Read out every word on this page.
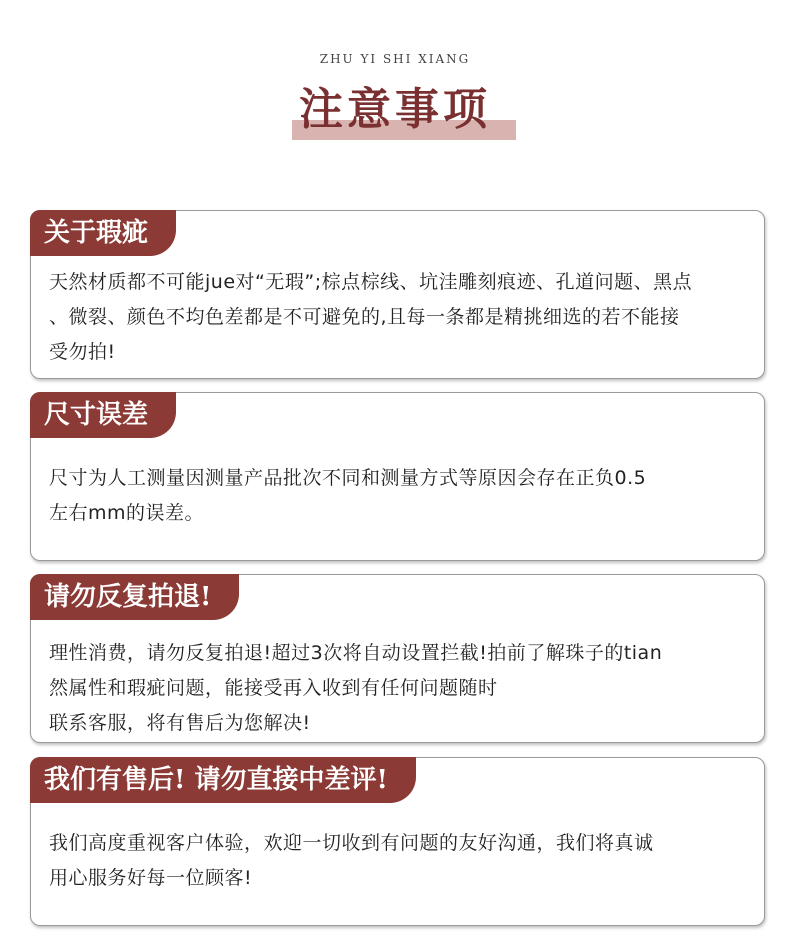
ZHU YI SHI XIANG
注意事项
关于瑕疵

天然材质都不可能jue对“无瑕”;棕点棕线、坑洼雕刻痕迹、孔道问题、黑点

、微裂、颜色不均色差都是不可避免的,且每一条都是精挑细选的若不能接

受勿拍!

尺寸误差

尺寸为人工测量因测量产品批次不同和测量方式等原因会存在正负0.5

左右mm的误差。

请勿反复拍退!

理性消费，请勿反复拍退!超过3次将自动设置拦截!拍前了解珠子的tian

然属性和瑕疵问题，能接受再入收到有任何问题随时

联系客服，将有售后为您解决!

我们有售后! 请勿直接中差评!

我们高度重视客户体验，欢迎一切收到有问题的友好沟通，我们将真诚

用心服务好每一位顾客!
